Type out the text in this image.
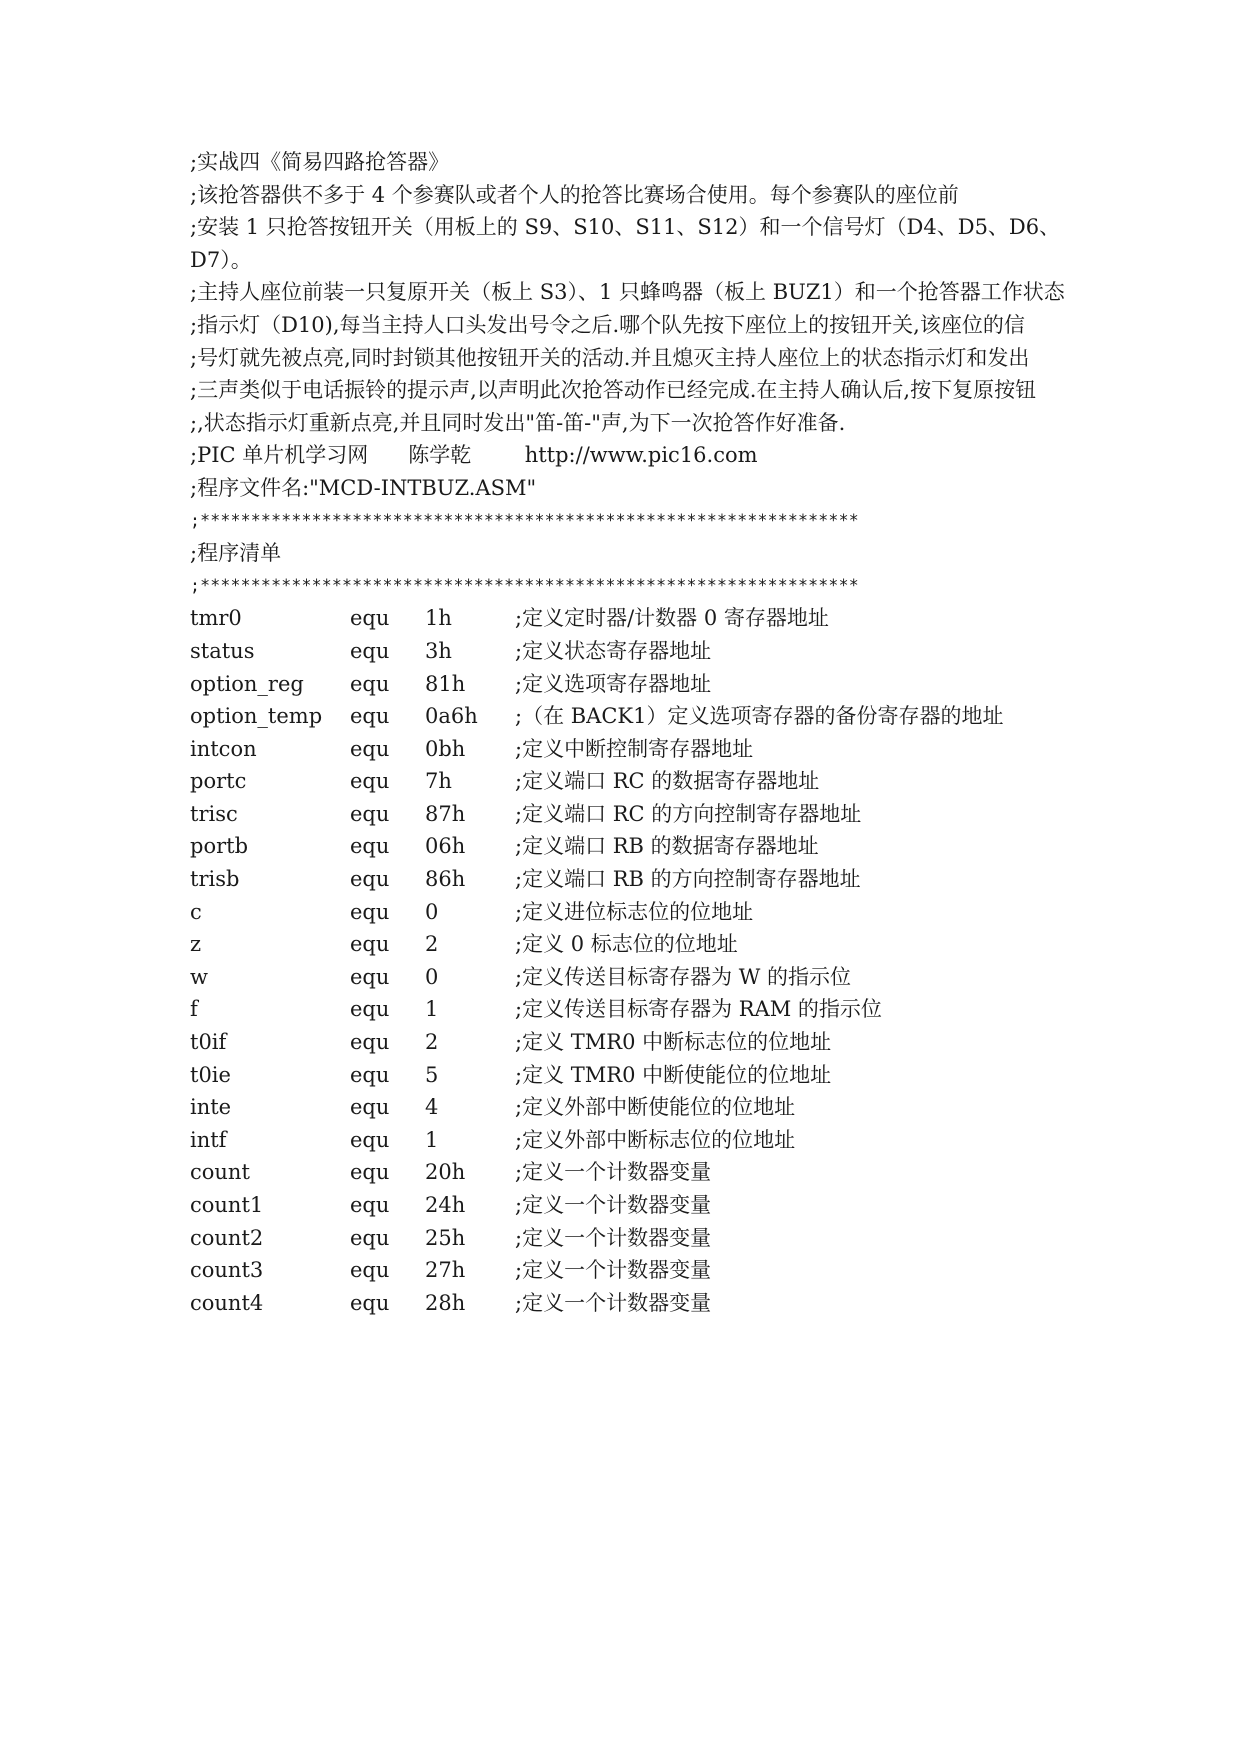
;实战四《简易四路抢答器》
;该抢答器供不多于 4 个参赛队或者个人的抢答比赛场合使用。每个参赛队的座位前
;安装 1 只抢答按钮开关（用板上的 S9、S10、S11、S12）和一个信号灯（D4、D5、D6、D7）。
;主持人座位前装一只复原开关（板上 S3）、1 只蜂鸣器（板上 BUZ1）和一个抢答器工作状态
;指示灯（D10),每当主持人口头发出号令之后.哪个队先按下座位上的按钮开关,该座位的信
;号灯就先被点亮,同时封锁其他按钮开关的活动.并且熄灭主持人座位上的状态指示灯和发出
;三声类似于电话振铃的提示声,以声明此次抢答动作已经完成.在主持人确认后,按下复原按钮
;,状态指示灯重新点亮,并且同时发出"笛-笛-"声,为下一次抢答作好准备.
;PIC 单片机学习网      陈学乾        http://www.pic16.com
;程序文件名:"MCD-INTBUZ.ASM"
;*****************************************************************
;程序清单
;*****************************************************************
tmr0	equ	1h	;定义定时器/计数器 0 寄存器地址
status	equ	3h	;定义状态寄存器地址
option_reg	equ	81h	;定义选项寄存器地址
option_temp	equ	0a6h	;（在 BACK1）定义选项寄存器的备份寄存器的地址
intcon	equ	0bh	;定义中断控制寄存器地址
portc	equ	7h	;定义端口 RC 的数据寄存器地址
trisc	equ	87h	;定义端口 RC 的方向控制寄存器地址
portb	equ	06h	;定义端口 RB 的数据寄存器地址
trisb	equ	86h	;定义端口 RB 的方向控制寄存器地址
c	equ	0	;定义进位标志位的位地址
z	equ	2	;定义 0 标志位的位地址
w	equ	0	;定义传送目标寄存器为 W 的指示位
f	equ	1	;定义传送目标寄存器为 RAM 的指示位
t0if	equ	2	;定义 TMR0 中断标志位的位地址
t0ie	equ	5	;定义 TMR0 中断使能位的位地址
inte	equ	4	;定义外部中断使能位的位地址
intf	equ	1	;定义外部中断标志位的位地址
count	equ	20h	;定义一个计数器变量
count1	equ	24h	;定义一个计数器变量
count2	equ	25h	;定义一个计数器变量
count3	equ	27h	;定义一个计数器变量
count4	equ	28h	;定义一个计数器变量
